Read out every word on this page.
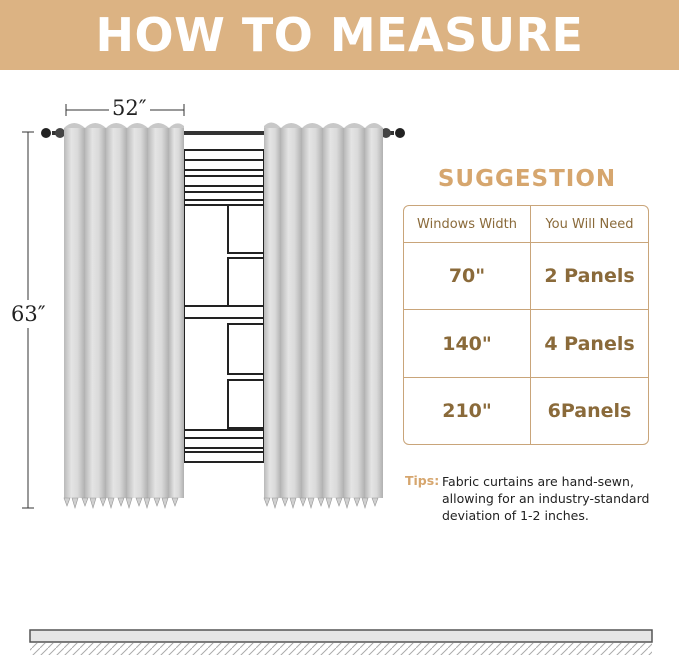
HOW TO MEASURE
52″
63″
SUGGESTION
Windows Width	You Will Need
70"	2 Panels
140"	4 Panels
210"	6Panels
Tips: Fabric curtains are hand-sewn, allowing for an industry-standard deviation of 1-2 inches.
